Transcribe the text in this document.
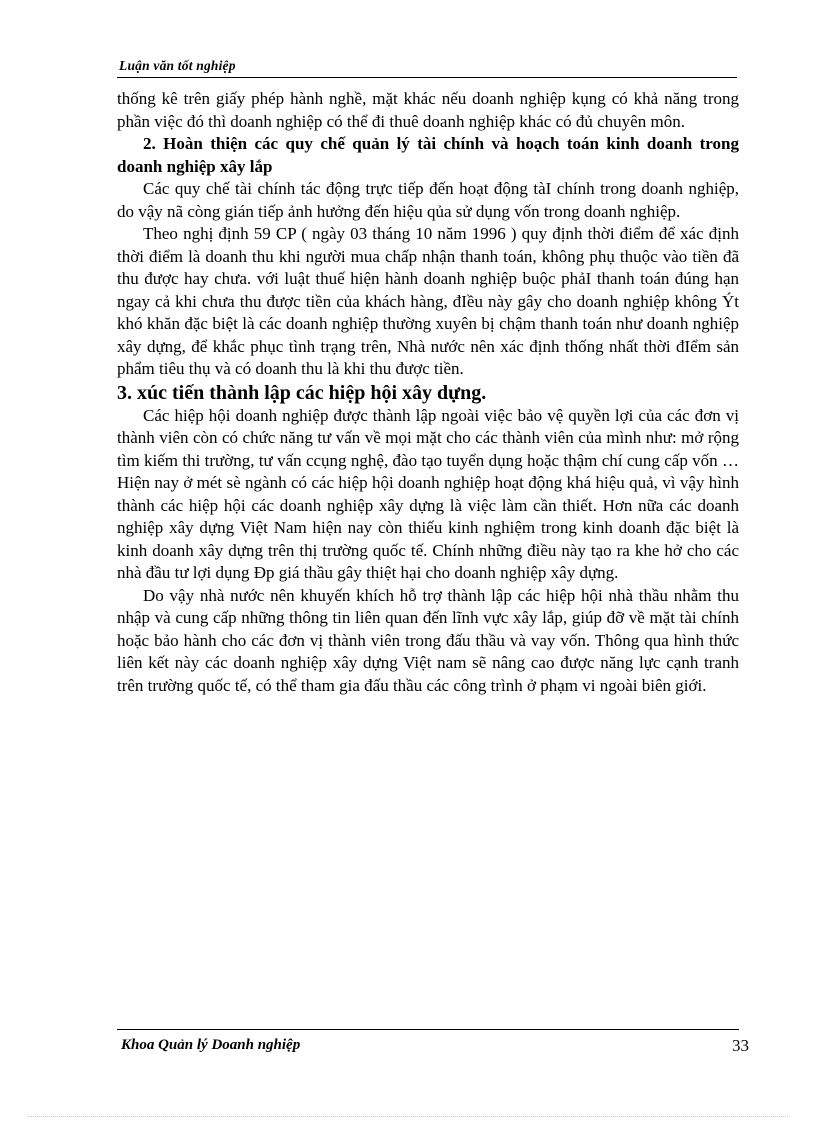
Luận văn tốt nghiệp

thống kê trên giấy phép hành nghề, mặt khác nếu doanh nghiệp kụng có khả năng trong phần việc đó thì doanh nghiệp có thể đi thuê doanh nghiệp khác có đủ chuyên môn.

2. Hoàn thiện các quy chế quản lý tài chính và hoạch toán kinh doanh trong doanh nghiệp xây lắp

Các quy chế tài chính tác động trực tiếp đến hoạt động tàI chính trong doanh nghiệp, do vậy nã còng gián tiếp ảnh hưởng đến hiệu qủa sử dụng vốn trong doanh nghiệp.

Theo nghị định 59 CP ( ngày 03 tháng 10 năm 1996 ) quy định thời điểm để xác định thời điểm là doanh thu khi người mua chấp nhận thanh toán, không phụ thuộc vào tiền đã thu được hay chưa. với luật thuế hiện hành doanh nghiệp buộc phảI thanh toán đúng hạn ngay cả khi chưa thu được tiền của khách hàng, đIều này gây cho doanh nghiệp không Ýt khó khăn đặc biệt là các doanh nghiệp thường xuyên bị chậm thanh toán như doanh nghiệp xây dựng, để khắc phục tình trạng trên, Nhà nước nên xác định thống nhất thời đIểm sản phẩm tiêu thụ và có doanh thu là khi thu được tiền.

3. xúc tiến thành lập các hiệp hội xây dựng.

Các hiệp hội doanh nghiệp được thành lập ngoài việc bảo vệ quyền lợi của các đơn vị thành viên còn có chức năng tư vấn về mọi mặt cho các thành viên của mình như: mở rộng tìm kiếm thi trường, tư vấn ccụng nghệ, đào tạo tuyển dụng hoặc thậm chí cung cấp vốn …Hiện nay ở mét sè ngành có các hiệp hội doanh nghiệp hoạt động khá hiệu quả, vì vậy hình thành các hiệp hội các doanh nghiệp xây dựng là việc làm cần thiết. Hơn nữa các doanh nghiệp xây dựng Việt Nam hiện nay còn thiếu kinh nghiệm trong kinh doanh đặc biệt là kinh doanh xây dựng trên thị trường quốc tế. Chính những điều này tạo ra khe hở cho các nhà đầu tư lợi dụng Đp giá thầu gây thiệt hại cho doanh nghiệp xây dựng.

Do vậy nhà nước nên khuyến khích hỗ trợ thành lập các hiệp hội nhà thầu nhằm thu nhập và cung cấp những thông tin liên quan đến lĩnh vực xây lắp, giúp đỡ về mặt tài chính hoặc bảo hành cho các đơn vị thành viên trong đấu thầu và vay vốn. Thông qua hình thức liên kết này các doanh nghiệp xây dựng Việt nam sẽ nâng cao được năng lực cạnh tranh trên trường quốc tế, có thể tham gia đấu thầu các công trình ở phạm vi ngoài biên giới.

Khoa Quản lý Doanh nghiệp	33
